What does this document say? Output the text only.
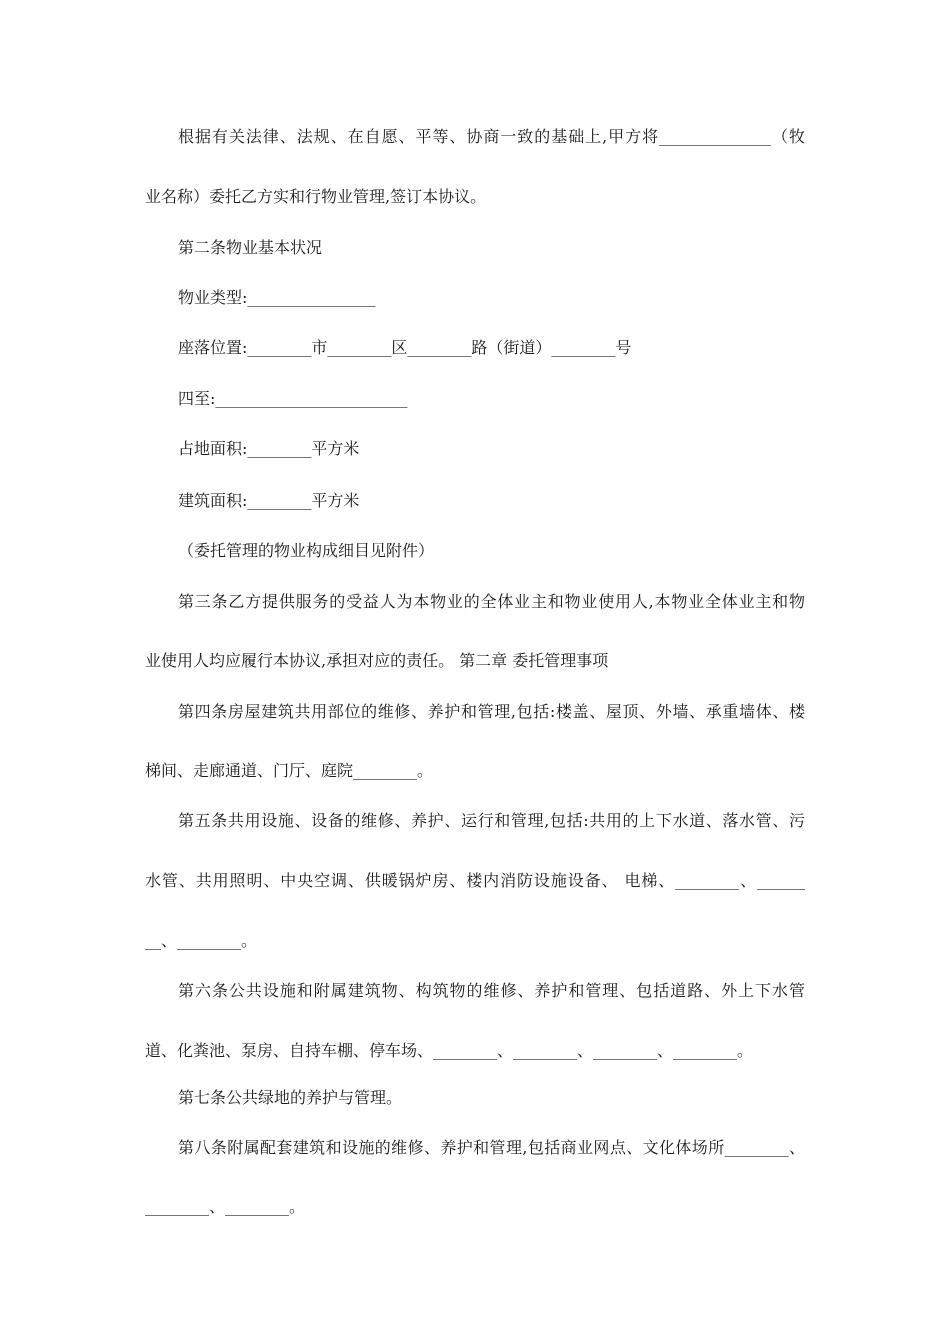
根据有关法律、法规、在自愿、平等、协商一致的基础上,甲方将______________（牧
业名称）委托乙方实和行物业管理,签订本协议。
第二条物业基本状况
物业类型:________________
座落位置:________市________区________路（街道）________号
四至:________________________
占地面积:________平方米
建筑面积:________平方米
（委托管理的物业构成细目见附件）
第三条乙方提供服务的受益人为本物业的全体业主和物业使用人,本物业全体业主和物
业使用人均应履行本协议,承担对应的责任。 第二章 委托管理事项
第四条房屋建筑共用部位的维修、养护和管理,包括:楼盖、屋顶、外墙、承重墙体、楼
梯间、走廊通道、门厅、庭院________。
第五条共用设施、设备的维修、养护、运行和管理,包括:共用的上下水道、落水管、污
水管、共用照明、中央空调、供暖锅炉房、楼内消防设施设备、 电梯、________、______
__、________。
第六条公共设施和附属建筑物、构筑物的维修、养护和管理、包括道路、外上下水管
道、化粪池、泵房、自持车棚、停车场、________、________、________、________。
第七条公共绿地的养护与管理。
第八条附属配套建筑和设施的维修、养护和管理,包括商业网点、文化体场所________、
________、________。
